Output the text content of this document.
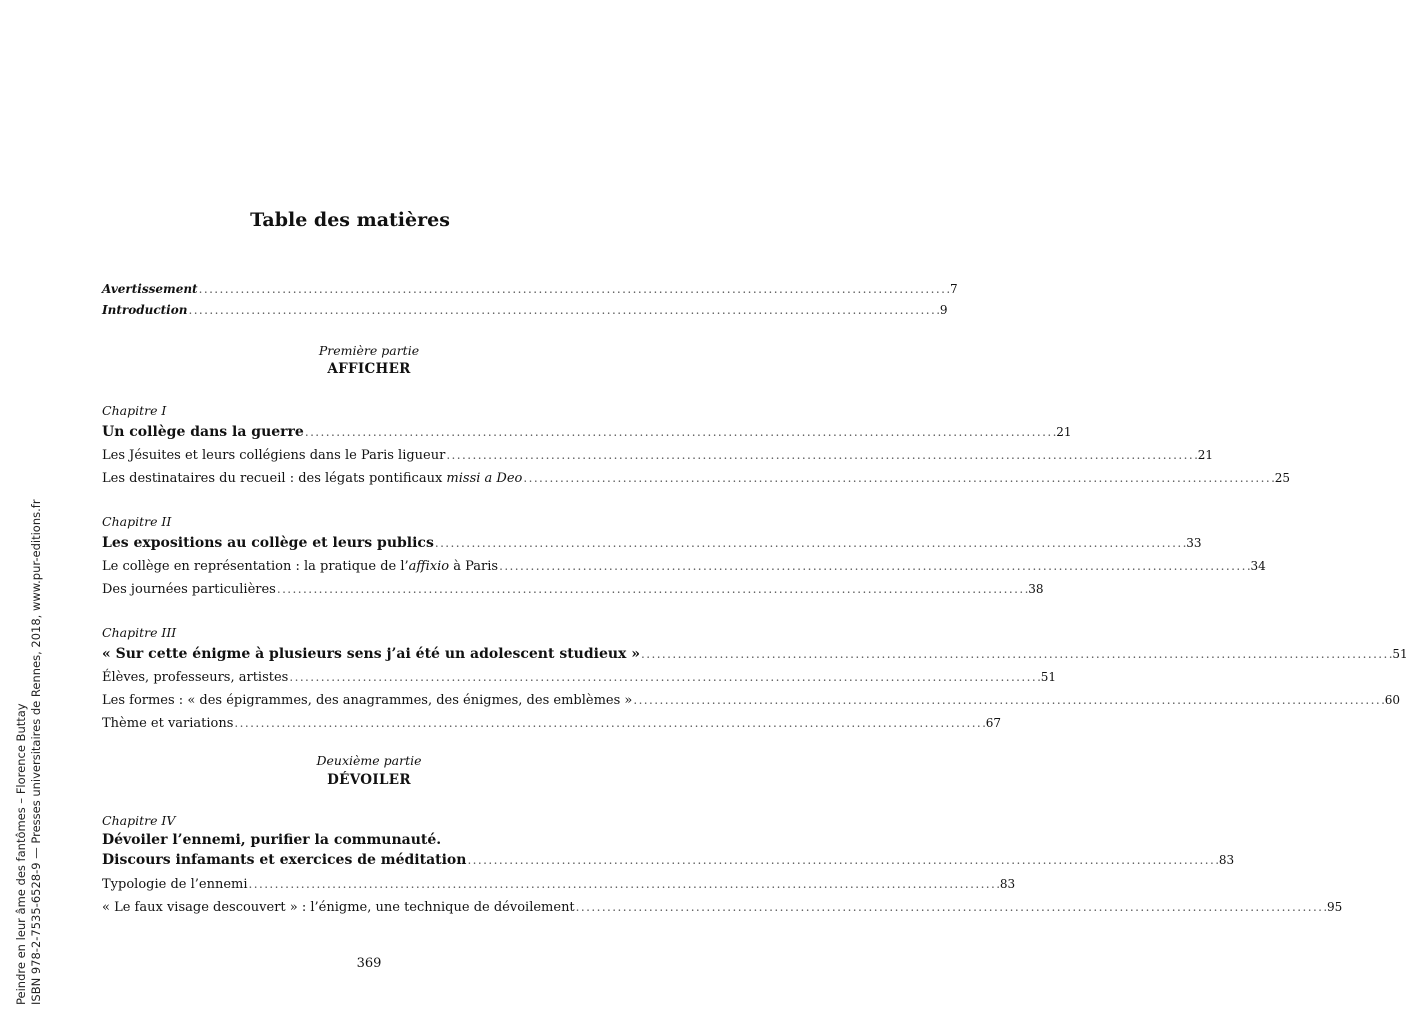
Peindre en leur âme des fantômes – Florence Buttay ISBN 978-2-7535-6528-9 — Presses universitaires de Rennes, 2018, www.pur-editions.fr
Table des matières
Avertissement . . .	7
Introduction . . .	9
Première partie
AFFICHER
Chapitre I
Un collège dans la guerre . . .	21
Les Jésuites et leurs collégiens dans le Paris ligueur . . .	21
Les destinataires du recueil : des légats pontificaux missi a Deo . . .	25
Chapitre II
Les expositions au collège et leurs publics . . .	33
Le collège en représentation : la pratique de l’affixio à Paris . . .	34
Des journées particulières . . .	38
Chapitre III
« Sur cette énigme à plusieurs sens j’ai été un adolescent studieux » . . .	51
Élèves, professeurs, artistes . . .	51
Les formes : « des épigrammes, des anagrammes, des énigmes, des emblèmes » . . .	60
Thème et variations . . .	67
Deuxième partie
DÉVOILER
Chapitre IV
Dévoiler l’ennemi, purifier la communauté.
Discours infamants et exercices de méditation . . .	83
Typologie de l’ennemi . . .	83
« Le faux visage descouvert » : l’énigme, une technique de dévoilement . . .	95
369
